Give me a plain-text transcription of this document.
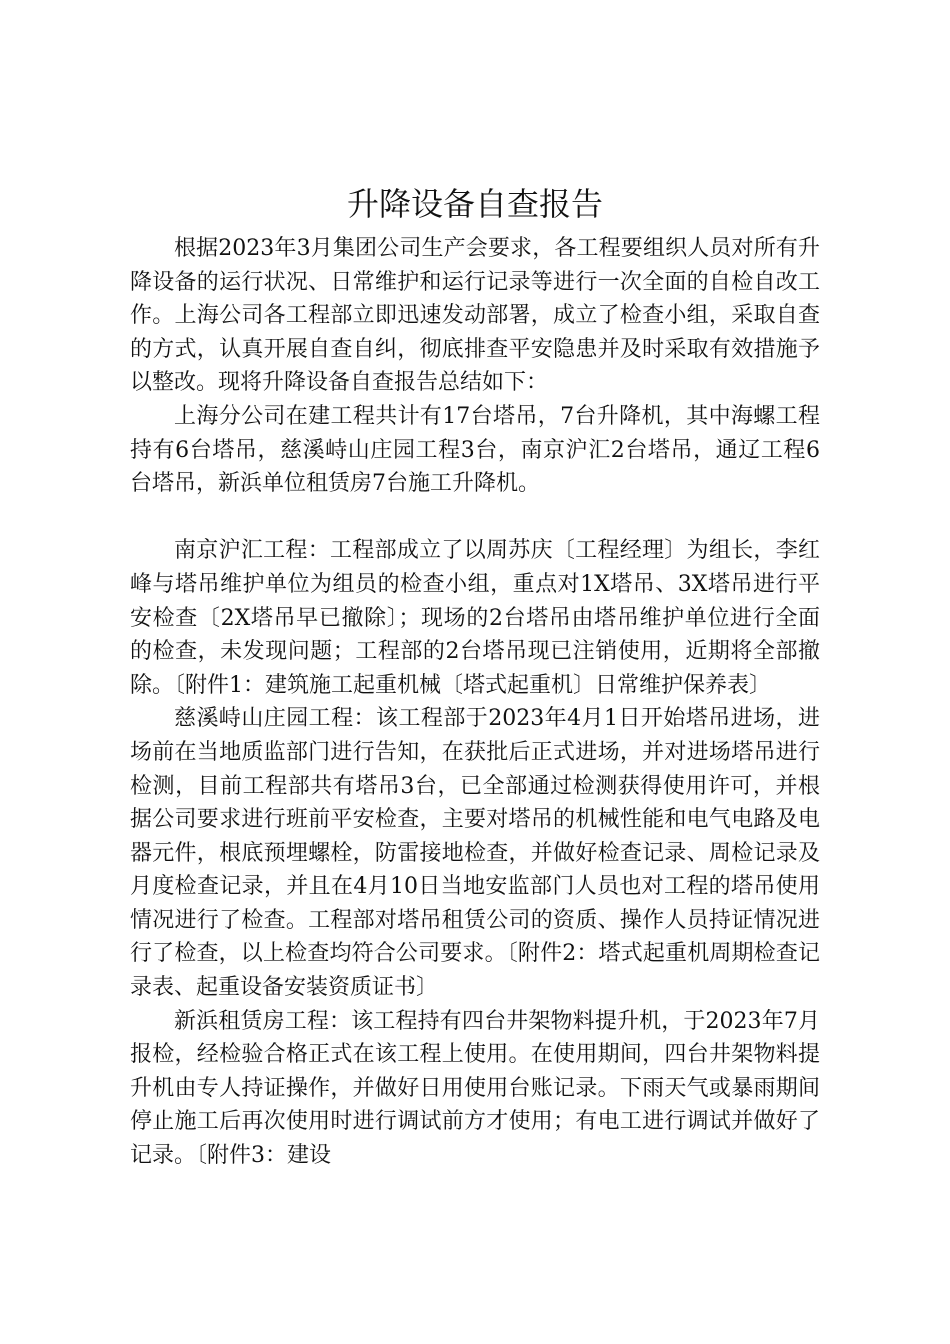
升降设备自查报告

根据2023年3月集团公司生产会要求，各工程要组织人员对所有升降设备的运行状况、日常维护和运行记录等进行一次全面的自检自改工作。上海公司各工程部立即迅速发动部署，成立了检查小组，采取自查的方式，认真开展自查自纠，彻底排查平安隐患并及时采取有效措施予以整改。现将升降设备自查报告总结如下：

上海分公司在建工程共计有17台塔吊，7台升降机，其中海螺工程持有6台塔吊，慈溪峙山庄园工程3台，南京沪汇2台塔吊，通辽工程6台塔吊，新浜单位租赁房7台施工升降机。

南京沪汇工程：工程部成立了以周苏庆〔工程经理〕为组长，李红峰与塔吊维护单位为组员的检查小组，重点对1X塔吊、3X塔吊进行平安检查〔2X塔吊早已撤除〕；现场的2台塔吊由塔吊维护单位进行全面的检查，未发现问题；工程部的2台塔吊现已注销使用，近期将全部撤除。〔附件1：建筑施工起重机械〔塔式起重机〕日常维护保养表〕

慈溪峙山庄园工程：该工程部于2023年4月1日开始塔吊进场，进场前在当地质监部门进行告知，在获批后正式进场，并对进场塔吊进行检测，目前工程部共有塔吊3台，已全部通过检测获得使用许可，并根据公司要求进行班前平安检查，主要对塔吊的机械性能和电气电路及电器元件，根底预埋螺栓，防雷接地检查，并做好检查记录、周检记录及月度检查记录，并且在4月10日当地安监部门人员也对工程的塔吊使用情况进行了检查。工程部对塔吊租赁公司的资质、操作人员持证情况进行了检查，以上检查均符合公司要求。〔附件2：塔式起重机周期检查记录表、起重设备安装资质证书〕

新浜租赁房工程：该工程持有四台井架物料提升机，于2023年7月报检，经检验合格正式在该工程上使用。在使用期间，四台井架物料提升机由专人持证操作，并做好日用使用台账记录。下雨天气或暴雨期间停止施工后再次使用时进行调试前方才使用；有电工进行调试并做好了记录。〔附件3：建设
